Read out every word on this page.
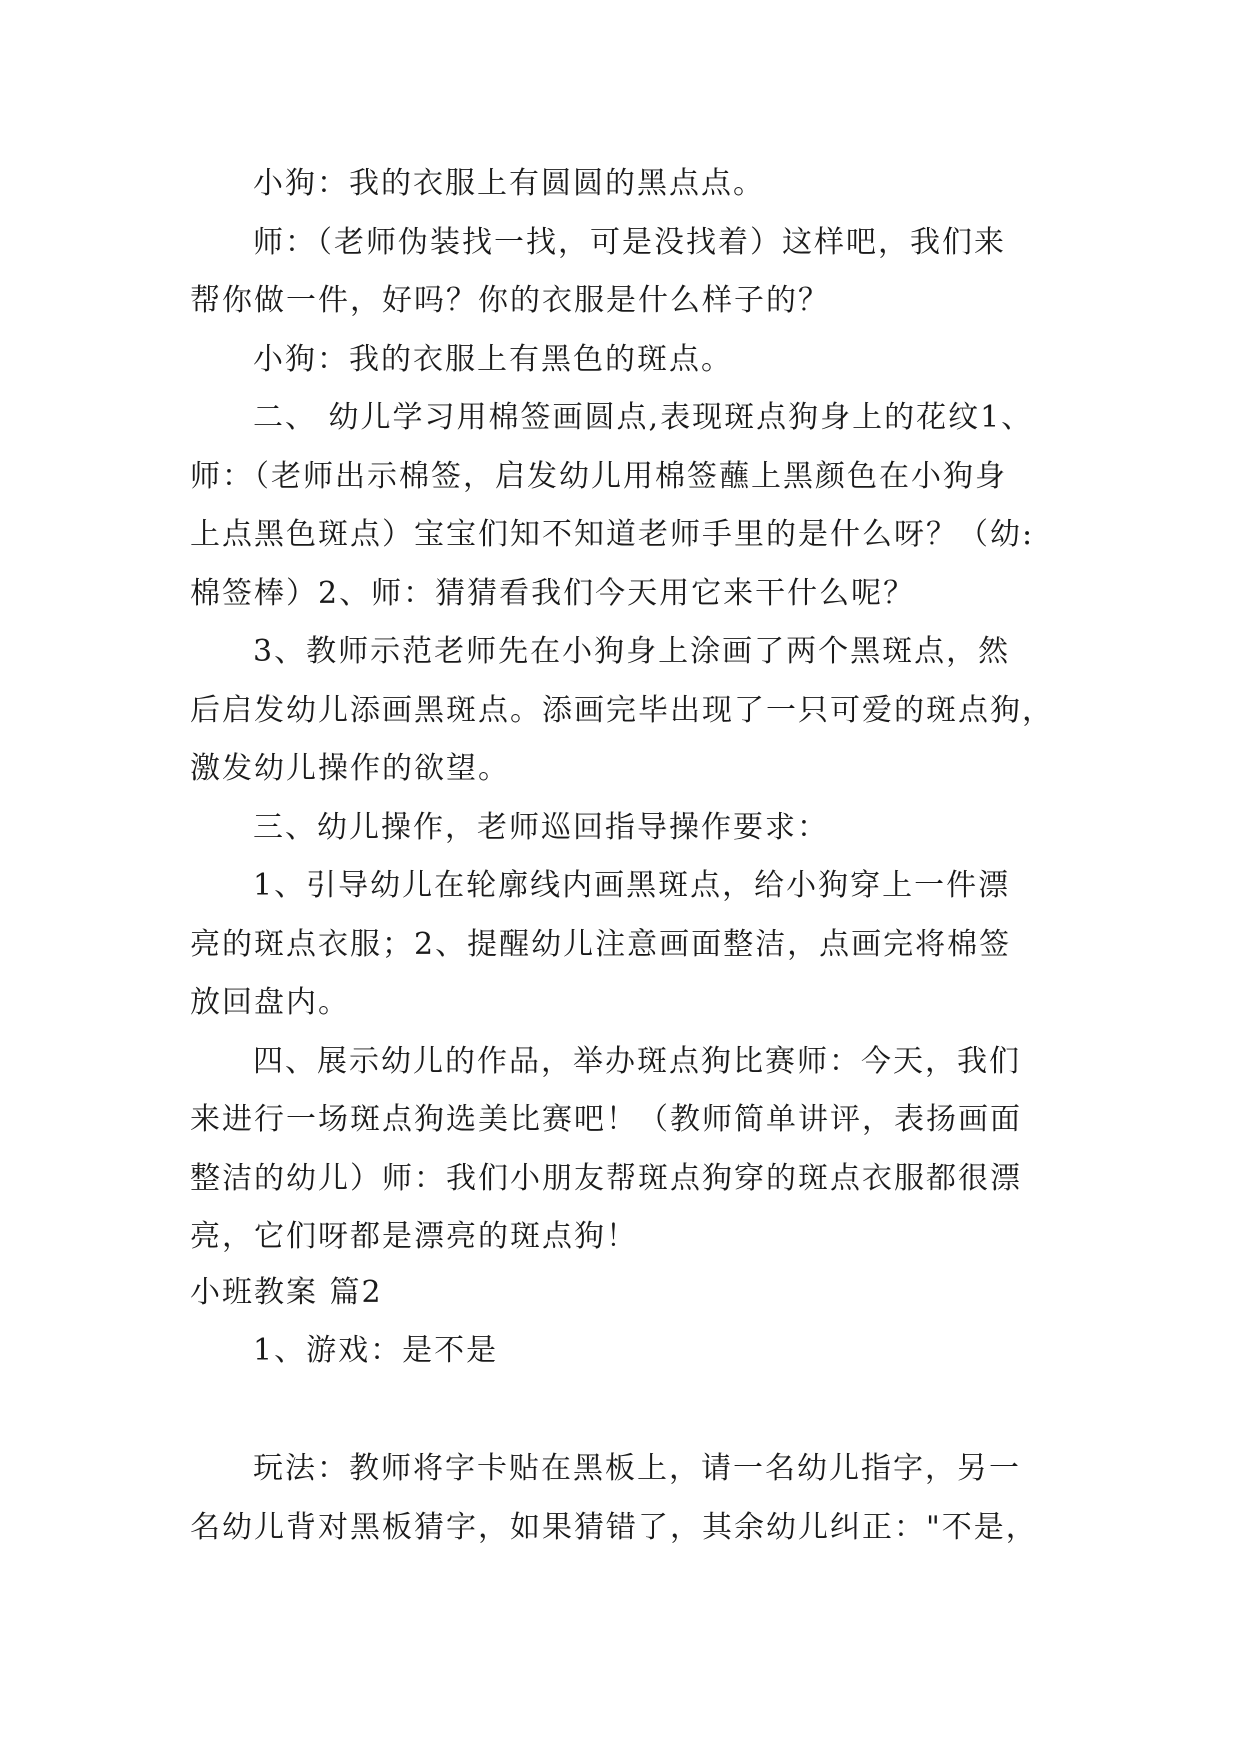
小狗：我的衣服上有圆圆的黑点点。
师：（老师伪装找一找，可是没找着）这样吧，我们来
帮你做一件，好吗？你的衣服是什么样子的？
小狗：我的衣服上有黑色的斑点。
二、 幼儿学习用棉签画圆点,表现斑点狗身上的花纹1、
师：（老师出示棉签，启发幼儿用棉签蘸上黑颜色在小狗身
上点黑色斑点）宝宝们知不知道老师手里的是什么呀？（幼:
棉签棒）2、师：猜猜看我们今天用它来干什么呢？
3、教师示范老师先在小狗身上涂画了两个黑斑点，然
后启发幼儿添画黑斑点。添画完毕出现了一只可爱的斑点狗，
激发幼儿操作的欲望。
三、幼儿操作，老师巡回指导操作要求：
1、引导幼儿在轮廓线内画黑斑点，给小狗穿上一件漂
亮的斑点衣服；2、提醒幼儿注意画面整洁，点画完将棉签
放回盘内。
四、展示幼儿的作品，举办斑点狗比赛师：今天，我们
来进行一场斑点狗选美比赛吧！（教师简单讲评，表扬画面
整洁的幼儿）师：我们小朋友帮斑点狗穿的斑点衣服都很漂
亮，它们呀都是漂亮的斑点狗！
小班教案 篇2
1、游戏：是不是
玩法：教师将字卡贴在黑板上，请一名幼儿指字，另一
名幼儿背对黑板猜字，如果猜错了，其余幼儿纠正："不是，
